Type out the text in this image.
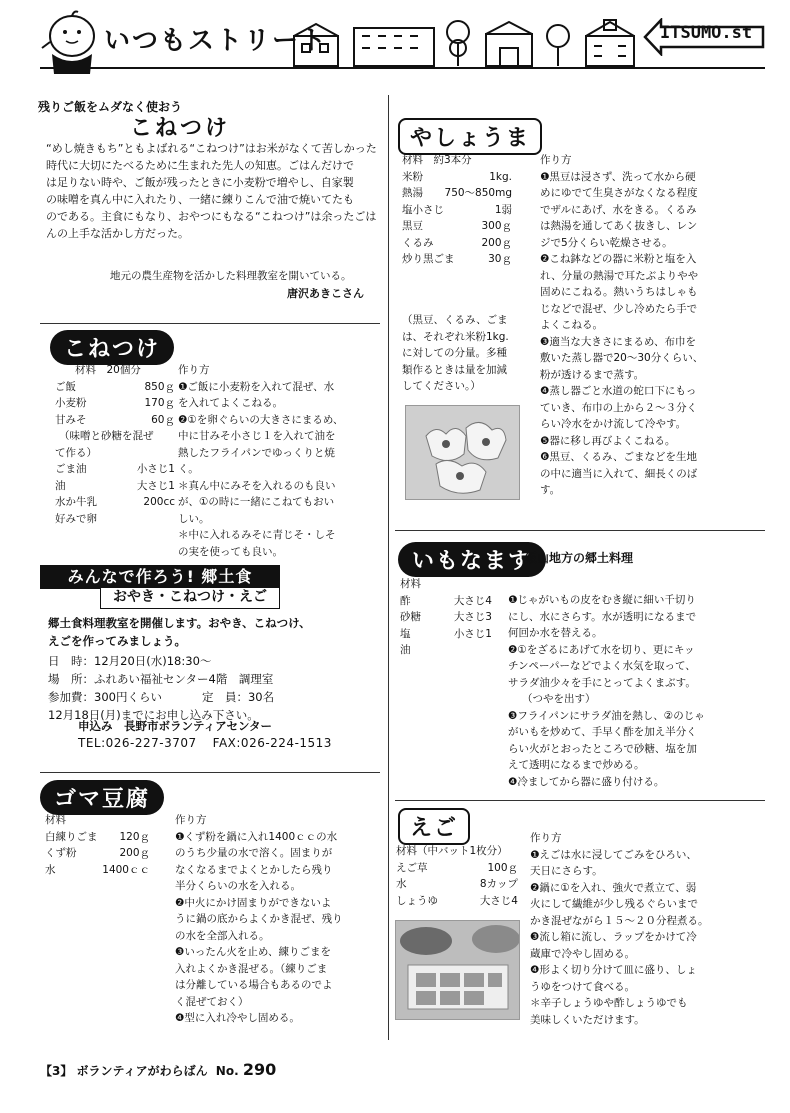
いつもストリート	ITSUMO.st
残りご飯をムダなく使おう
こねつけ
“めし焼きもち”ともよばれる“こねつけ”はお米がなくて苦しかった
時代に大切にたべるために生まれた先人の知恵。ごはんだけで
は足りない時や、ご飯が残ったときに小麦粉で増やし、自家製
の味噌を真ん中に入れたり、一緒に練りこんで油で焼いてたも
のである。主食にもなり、おやつにもなる“こねつけ”は余ったごは
んの上手な活かし方だった。
地元の農生産物を活かした料理教室を開いている。
唐沢あきこさん
こねつけ
材料　20個分
ご飯	850ｇ
小麦粉	170ｇ
甘みそ	60ｇ
（味噌と砂糖を混ぜ
て作る）
ごま油	小さじ1
油	大さじ1
水か牛乳	200cc
好みで卵
作り方
❶ご飯に小麦粉を入れて混ぜ、水
を入れてよくこねる。
❷①を卵ぐらいの大きさにまるめ、
中に甘みそ小さじ１を入れて油を
熱したフライパンでゆっくりと焼
く。
＊真ん中にみそを入れるのも良い
が、①の時に一緒にこねてもおい
しい。
＊中に入れるみそに青じそ・しそ
の実を使っても良い。
みんなで作ろう! 郷土食
おやき・こねつけ・えご
郷土食料理教室を開催します。おやき、こねつけ、
えごを作ってみましょう。
日　時：12月20日(水)18:30～
場　所：ふれあい福祉センター4階　調理室
参加費：300円くらい	定　員：30名
12月18日(月)までにお申し込み下さい。
申込み　長野市ボランティアセンター
TEL:026-227-3707 FAX:026-224-1513
ゴマ豆腐
材料
白練りごま 120ｇ
くず粉	200ｇ
水	1400ｃｃ
作り方
❶くず粉を鍋に入れ1400ｃｃの水
のうち少量の水で溶く。固まりが
なくなるまでよくとかしたら残り
半分くらいの水を入れる。
❷中火にかけ固まりができないよ
うに鍋の底からよくかき混ぜ、残り
の水を全部入れる。
❸いったん火を止め、練りごまを
入れよくかき混ぜる。（練りごま
は分離している場合もあるのでよ
く混ぜておく）
❹型に入れ冷やし固める。
やしょうま
材料　約3本分
米粉	1kg.
熱湯 750～850mg
塩小さじ	1弱
黒豆	300ｇ
くるみ	200ｇ
炒り黒ごま	30ｇ
（黒豆、くるみ、ごま
は、それぞれ米粉1kg.
に対しての分量。多種
類作るときは量を加減
してください。）
作り方
❶黒豆は浸さず、洗って水から硬
めにゆでて生臭さがなくなる程度
でザルにあげ、水をきる。くるみ
は熱湯を通してあく抜きし、レン
ジで5分くらい乾燥させる。
❷こね鉢などの器に米粉と塩を入
れ、分量の熱湯で耳たぶよりやや
固めにこねる。熱いうちはしゃも
じなどで混ぜ、少し冷めたら手で
よくこねる。
❸適当な大きさにまるめ、布巾を
敷いた蒸し器で20～30分くらい、
粉が透けるまで蒸す。
❹蒸し器ごと水道の蛇口下にもっ
ていき、布巾の上から２～３分く
らい冷水をかけ流して冷やす。
❺器に移し再びよくこねる。
❻黒豆、くるみ、ごまなどを生地
の中に適当に入れて、細長くのば
す。
いもなます
飯山地方の郷土料理
材料
酢	大さじ4
砂糖	大さじ3
塩	小さじ1
油
❶じゃがいもの皮をむき縦に細い千切り
にし、水にさらす。水が透明になるまで
何回か水を替える。
❷①をざるにあげて水を切り、更にキッ
チンペーパーなどでよく水気を取って、
サラダ油少々を手にとってよくまぶす。
（つやを出す）
❸フライパンにサラダ油を熱し、②のじゃ
がいもを炒めて、手早く酢を加え半分く
らい火がとおったところで砂糖、塩を加
えて透明になるまで炒める。
❹冷ましてから器に盛り付ける。
えご
材料（中バット1枚分）
えご草	100ｇ
水	8カップ
しょうゆ	大さじ4
作り方
❶えごは水に浸してごみをひろい、
天日にさらす。
❷鍋に①を入れ、強火で煮立て、弱
火にして繊維が少し残るぐらいまで
かき混ぜながら１５～２０分程煮る。
❸流し箱に流し、ラップをかけて冷
蔵庫で冷やし固める。
❹形よく切り分けて皿に盛り、しょ
うゆをつけて食べる。
＊辛子しょうゆや酢しょうゆでも
美味しくいただけます。
【3】 ボランティアがわらばん No. 290
